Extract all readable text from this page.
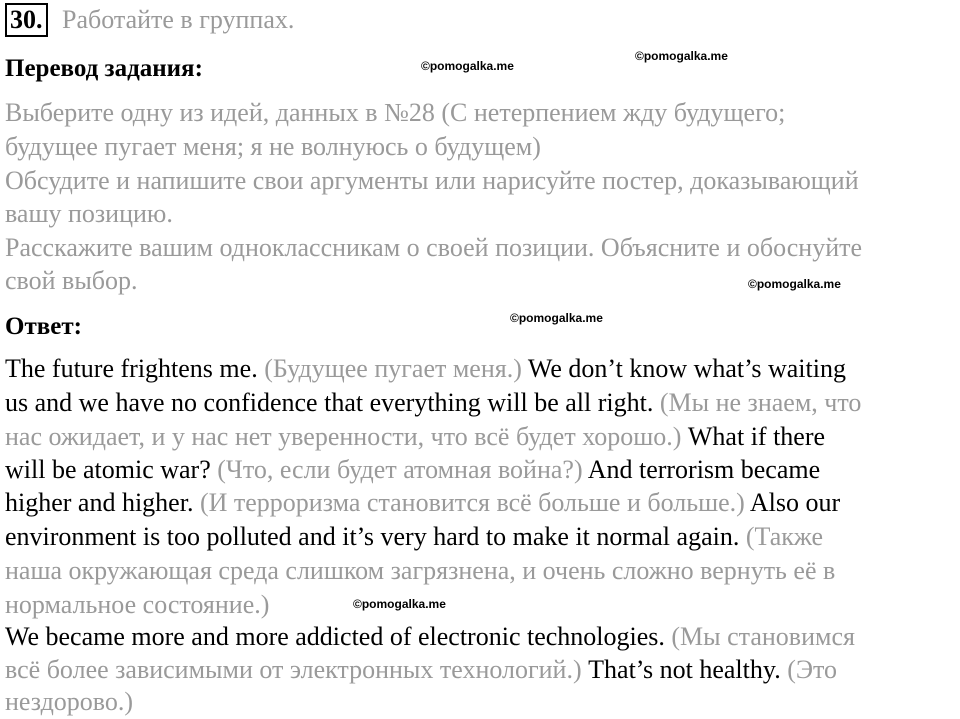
30. Работайте в группах.
Перевод задания:
Выберите одну из идей, данных в №28 (С нетерпением жду будущего;
будущее пугает меня; я не волнуюсь о будущем)
Обсудите и напишите свои аргументы или нарисуйте постер, доказывающий
вашу позицию.
Расскажите вашим одноклассникам о своей позиции. Объясните и обоснуйте
свой выбор.
Ответ:
The future frightens me. (Будущее пугает меня.) We don’t know what’s waiting
us and we have no confidence that everything will be all right. (Мы не знаем, что
нас ожидает, и у нас нет уверенности, что всё будет хорошо.) What if there
will be atomic war? (Что, если будет атомная война?) And terrorism became
higher and higher. (И терроризма становится всё больше и больше.) Also our
environment is too polluted and it’s very hard to make it normal again. (Также
наша окружающая среда слишком загрязнена, и очень сложно вернуть её в
нормальное состояние.)
We became more and more addicted of electronic technologies. (Мы становимся
всё более зависимыми от электронных технологий.) That’s not healthy. (Это
нездорово.)
©pomogalka.me
©pomogalka.me
©pomogalka.me
©pomogalka.me
©pomogalka.me
